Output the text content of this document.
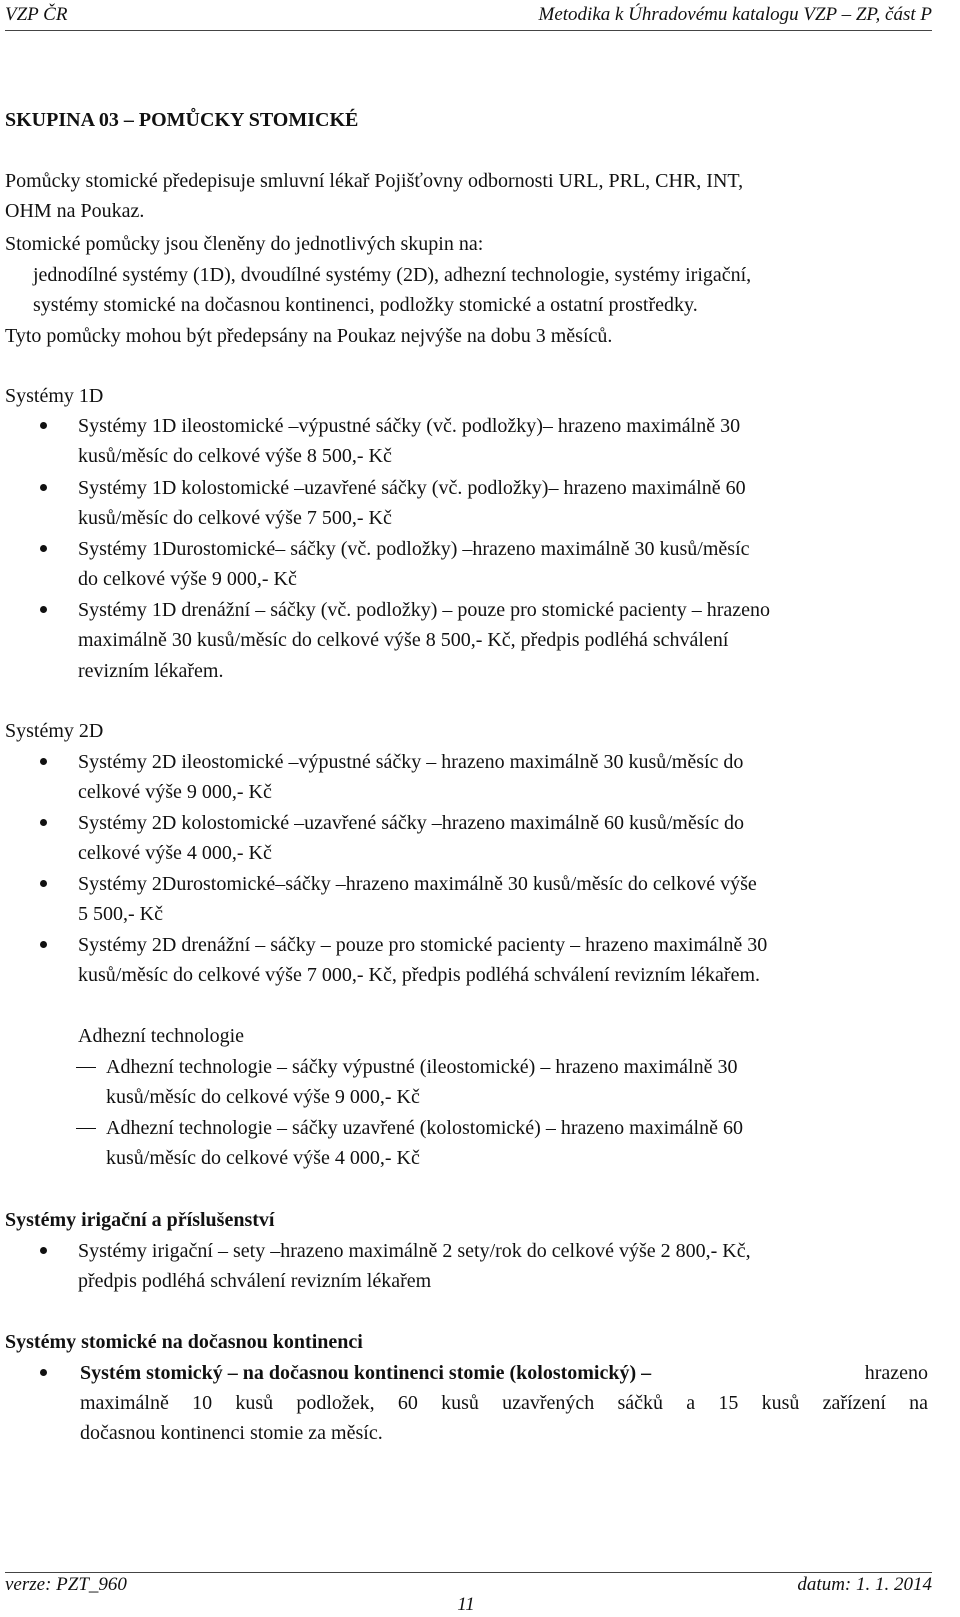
VZP ČR	Metodika k Úhradovému katalogu VZP – ZP, část P
SKUPINA 03 – POMŮCKY STOMICKÉ
Pomůcky stomické předepisuje smluvní lékař Pojišťovny odbornosti URL, PRL, CHR, INT,
OHM na Poukaz.
Stomické pomůcky jsou členěny do jednotlivých skupin na:
jednodílné systémy (1D), dvoudílné systémy (2D), adhezní technologie, systémy irigační,
systémy stomické na dočasnou kontinenci, podložky stomické a ostatní prostředky.
Tyto pomůcky mohou být předepsány na Poukaz nejvýše na dobu 3 měsíců.
Systémy 1D
Systémy 1D ileostomické –výpustné sáčky (vč. podložky)– hrazeno maximálně 30
kusů/měsíc do celkové výše 8 500,- Kč
Systémy 1D kolostomické –uzavřené sáčky (vč. podložky)– hrazeno maximálně 60
kusů/měsíc do celkové výše 7 500,- Kč
Systémy 1Durostomické– sáčky (vč. podložky) –hrazeno maximálně 30 kusů/měsíc
do celkové výše 9 000,- Kč
Systémy 1D drenážní – sáčky (vč. podložky) – pouze pro stomické pacienty – hrazeno
maximálně 30 kusů/měsíc do celkové výše 8 500,- Kč, předpis podléhá schválení
revizním lékařem.
Systémy 2D
Systémy 2D ileostomické –výpustné sáčky – hrazeno maximálně 30 kusů/měsíc do
celkové výše 9 000,- Kč
Systémy 2D kolostomické –uzavřené sáčky –hrazeno maximálně 60 kusů/měsíc do
celkové výše 4 000,- Kč
Systémy 2Durostomické–sáčky –hrazeno maximálně 30 kusů/měsíc do celkové výše
5 500,- Kč
Systémy 2D drenážní – sáčky – pouze pro stomické pacienty – hrazeno maximálně 30
kusů/měsíc do celkové výše 7 000,- Kč, předpis podléhá schválení revizním lékařem.
Adhezní technologie
Adhezní technologie – sáčky výpustné (ileostomické) – hrazeno maximálně 30
kusů/měsíc do celkové výše 9 000,- Kč
Adhezní technologie – sáčky uzavřené (kolostomické) – hrazeno maximálně 60
kusů/měsíc do celkové výše 4 000,- Kč
Systémy irigační a příslušenství
Systémy irigační – sety –hrazeno maximálně 2 sety/rok do celkové výše 2 800,- Kč,
předpis podléhá schválení revizním lékařem
Systémy stomické na dočasnou kontinenci
Systém stomický – na dočasnou kontinenci stomie (kolostomický) –	hrazeno
maximálně 10 kusů podložek, 60 kusů uzavřených sáčků a 15 kusů zařízení na
dočasnou kontinenci stomie za měsíc.
verze: PZT_960	datum: 1. 1. 2014
11
